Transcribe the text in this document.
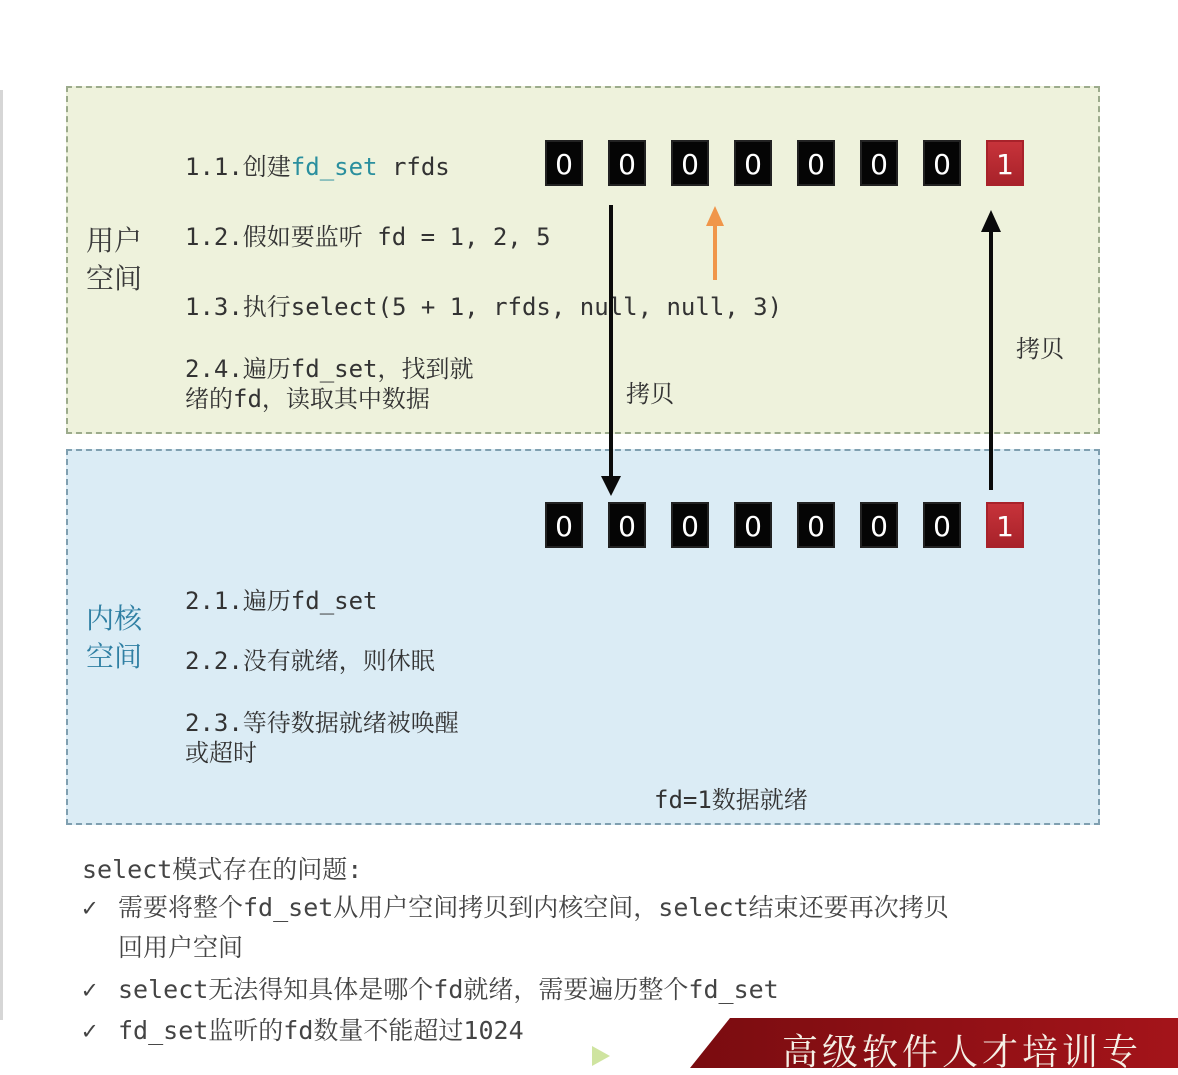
用户
空间
1.1.创建fd_set rfds
1.2.假如要监听 fd = 1, 2, 5
1.3.执行select(5 + 1, rfds, null, null, 3)
2.4.遍历fd_set，找到就
绪的fd，读取其中数据
0	0	0	0	0	0	0	1
内核
空间
0	0	0	0	0	0	0	1
2.1.遍历fd_set
2.2.没有就绪，则休眠
2.3.等待数据就绪被唤醒
或超时
fd=1数据就绪
拷贝
拷贝
select模式存在的问题:
✓ 需要将整个fd_set从用户空间拷贝到内核空间，select结束还要再次拷贝
回用户空间
✓ select无法得知具体是哪个fd就绪，需要遍历整个fd_set
✓ fd_set监听的fd数量不能超过1024
高级软件人才培训专
